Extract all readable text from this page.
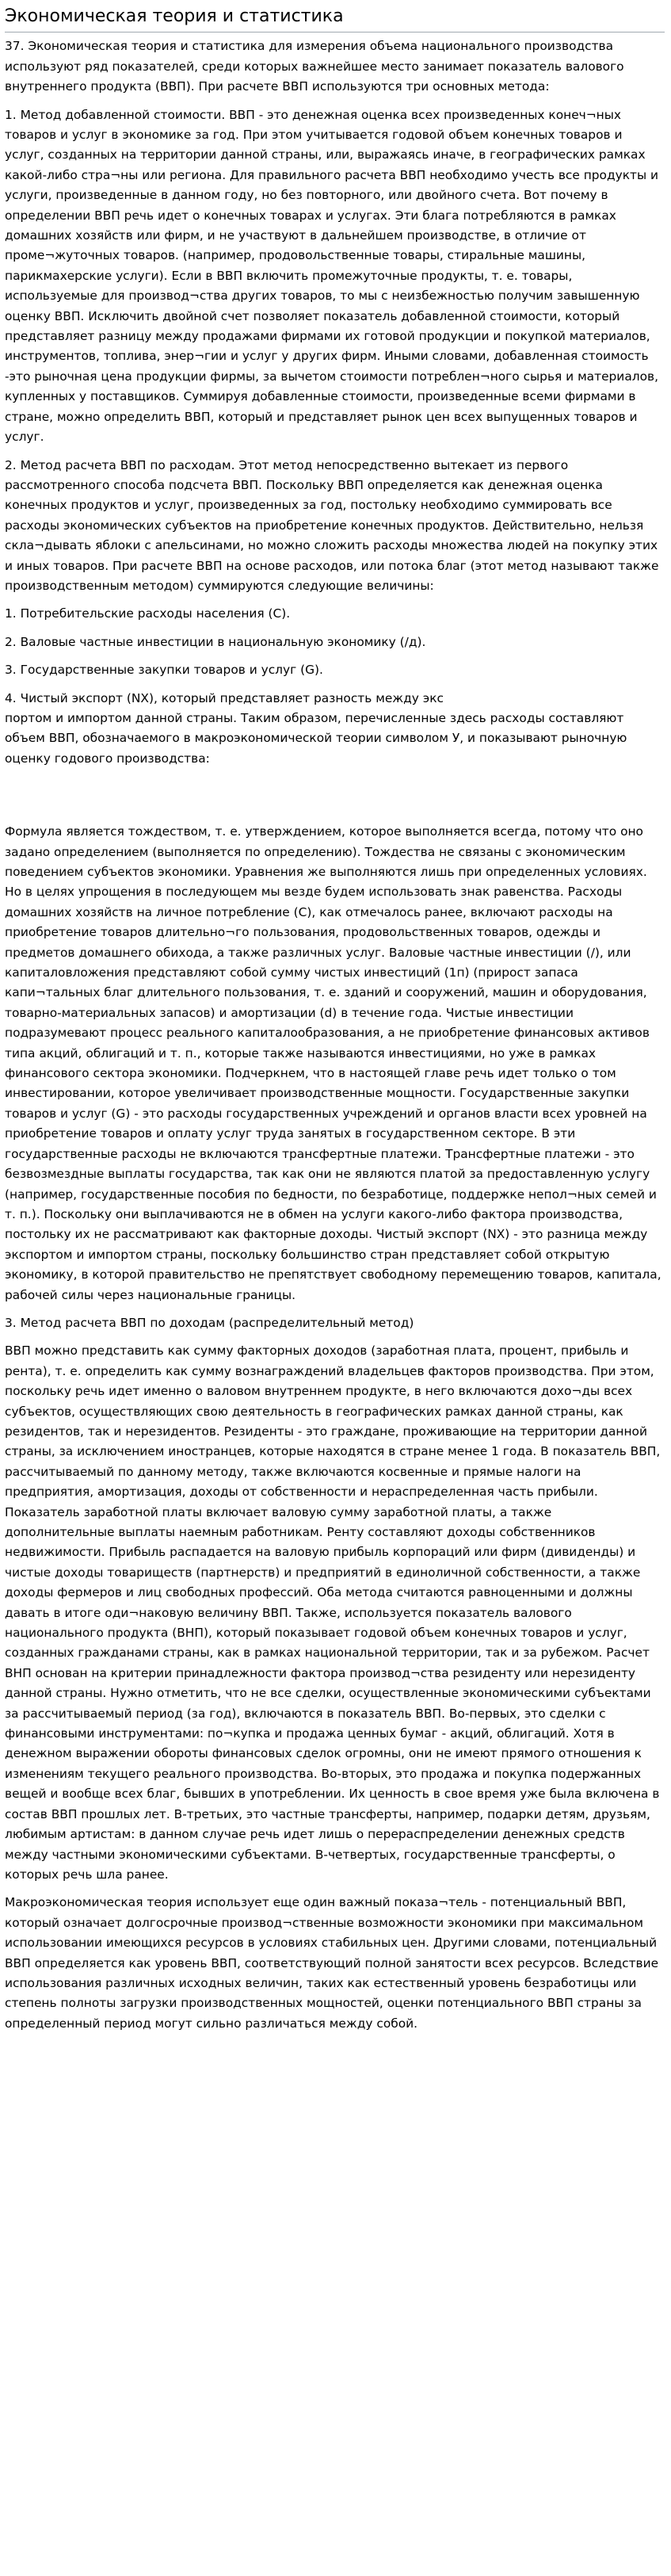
Экономическая теория и статистика

37. Экономическая теория и статистика для измерения объема национального производства используют ряд показателей, среди которых важнейшее место занимает показатель валового внутреннего продукта (ВВП). При расчете ВВП используются три основных метода:

1. Метод добавленной стоимости. ВВП - это денежная оценка всех произведенных конеч¬ных товаров и услуг в экономике за год. При этом учитывается годовой объем конечных товаров и услуг, созданных на территории данной страны, или, выражаясь иначе, в географических рамках какой-либо стра¬ны или региона. Для правильного расчета ВВП необходимо учесть все продукты и услуги, произведенные в данном году, но без повторного, или двойного счета. Вот почему в определении ВВП речь идет о конечных товарах и услугах. Эти блага потребляются в рамках домашних хозяйств или фирм, и не участвуют в дальнейшем производстве, в отличие от проме¬жуточных товаров. (например, продовольственные товары, стиральные машины, парикмахерские услуги). Если в ВВП включить промежуточные продукты, т. е. товары, используемые для производ¬ства других товаров, то мы с неизбежностью получим завышенную оценку ВВП. Исключить двойной счет позволяет показатель добавленной стоимости, который представляет разницу между продажами фирмами их готовой продукции и покупкой материалов, инструментов, топлива, энер¬гии и услуг у других фирм. Иными словами, добавленная стоимость -это рыночная цена продукции фирмы, за вычетом стоимости потреблен¬ного сырья и материалов, купленных у поставщиков. Суммируя добавленные стоимости, произведенные всеми фирмами в стране, можно определить ВВП, который и представляет рынок цен всех выпущенных товаров и услуг.

2. Метод расчета ВВП по расходам. Этот метод непосредственно вытекает из первого рассмотренного способа подсчета ВВП. Поскольку ВВП определяется как денежная оценка конечных продуктов и услуг, произведенных за год, постольку необходимо суммировать все расходы экономических субъектов на приобретение конечных продуктов. Действительно, нельзя скла¬дывать яблоки с апельсинами, но можно сложить расходы множества людей на покупку этих и иных товаров. При расчете ВВП на основе расходов, или потока благ (этот метод называют также производственным методом) суммируются следующие величины:

1. Потребительские расходы населения (С).

2. Валовые частные инвестиции в национальную экономику (/д).

3. Государственные закупки товаров и услуг (G).

4. Чистый экспорт (NX), который представляет разность между экс

портом и импортом данной страны. Таким образом, перечисленные здесь расходы составляют объем ВВП, обозначаемого в макроэкономической теории символом У, и показывают рыночную оценку годового производства:

Формула является тождеством, т. е. утверждением, которое выполняется всегда, потому что оно задано определением (выполняется по определению). Тождества не связаны с экономическим поведением субъектов экономики. Уравнения же выполняются лишь при определенных условиях. Но в целях упрощения в последующем мы везде будем использовать знак равенства. Расходы домашних хозяйств на личное потребление (С), как отмечалось ранее, включают расходы на приобретение товаров длительно¬го пользования, продовольственных товаров, одежды и предметов домашнего обихода, а также различных услуг. Валовые частные инвестиции (/), или капиталовложения представляют собой сумму чистых инвестиций (1п) (прирост запаса капи¬тальных благ длительного пользования, т. е. зданий и сооружений, машин и оборудования, товарно-материальных запасов) и амортизации (d) в течение года. Чистые инвестиции подразумевают процесс реального капиталообразования, а не приобретение финансовых активов типа акций, облигаций и т. п., которые также называются инвестициями, но уже в рамках финансового сектора экономики. Подчеркнем, что в настоящей главе речь идет только о том инвестировании, которое увеличивает производственные мощности. Государственные закупки товаров и услуг (G) - это расходы государственных учреждений и органов власти всех уровней на приобретение товаров и оплату услуг труда занятых в государственном секторе. В эти государственные расходы не включаются трансфертные платежи. Трансфертные платежи - это безвозмездные выплаты государства, так как они не являются платой за предоставленную услугу (например, государственные пособия по бедности, по безработице, поддержке непол¬ных семей и т. п.). Поскольку они выплачиваются не в обмен на услуги какого-либо фактора производства, постольку их не рассматривают как факторные доходы. Чистый экспорт (NX) - это разница между экспортом и импортом страны, поскольку большинство стран представляет собой открытую экономику, в которой правительство не препятствует свободному перемещению товаров, капитала, рабочей силы через национальные границы.

3. Метод расчета ВВП по доходам (распределительный метод)

ВВП можно представить как сумму факторных доходов (заработная плата, процент, прибыль и рента), т. е. определить как сумму вознаграждений владельцев факторов производства. При этом, поскольку речь идет именно о валовом внутреннем продукте, в него включаются дохо¬ды всех субъектов, осуществляющих свою деятельность в географических рамках данной страны, как резидентов, так и нерезидентов. Резиденты - это граждане, проживающие на территории данной страны, за исключением иностранцев, которые находятся в стране менее 1 года. В показатель ВВП, рассчитываемый по данному методу, также включаются косвенные и прямые налоги на предприятия, амортизация, доходы от собственности и нераспределенная часть прибыли. Показатель заработной платы включает валовую сумму заработной платы, а также дополнительные выплаты наемным работникам. Ренту составляют доходы собственников недвижимости. Прибыль распадается на валовую прибыль корпораций или фирм (дивиденды) и чистые доходы товариществ (партнерств) и предприятий в единоличной собственности, а также доходы фермеров и лиц свободных профессий. Оба метода считаются равноценными и должны давать в итоге оди¬наковую величину ВВП. Также, используется показатель валового национального продукта (ВНП), который показывает годовой объем конечных товаров и услуг, созданных гражданами страны, как в рамках национальной территории, так и за рубежом. Расчет ВНП основан на критерии принадлежности фактора производ¬ства резиденту или нерезиденту данной страны. Нужно отметить, что не все сделки, осуществленные экономическими субъектами за рассчитываемый период (за год), включаются в показатель ВВП. Во-первых, это сделки с финансовыми инструментами: по¬купка и продажа ценных бумаг - акций, облигаций. Хотя в денежном выражении обороты финансовых сделок огромны, они не имеют прямого отношения к изменениям текущего реального производства. Во-вторых, это продажа и покупка подержанных вещей и вообще всех благ, бывших в употреблении. Их ценность в свое время уже была включена в состав ВВП прошлых лет. В-третьих, это частные трансферты, например, подарки детям, друзьям, любимым артистам: в данном случае речь идет лишь о перераспределении денежных средств между частными экономическими субъектами. В-четвертых, государственные трансферты, о которых речь шла ранее.

Макроэкономическая теория использует еще один важный показа¬тель - потенциальный ВВП, который означает долгосрочные производ¬ственные возможности экономики при максимальном использовании имеющихся ресурсов в условиях стабильных цен. Другими словами, потенциальный ВВП определяется как уровень ВВП, соответствующий полной занятости всех ресурсов. Вследствие использования различных исходных величин, таких как естественный уровень безработицы или степень полноты загрузки производственных мощностей, оценки потенциального ВВП страны за определенный период могут сильно различаться между собой.
